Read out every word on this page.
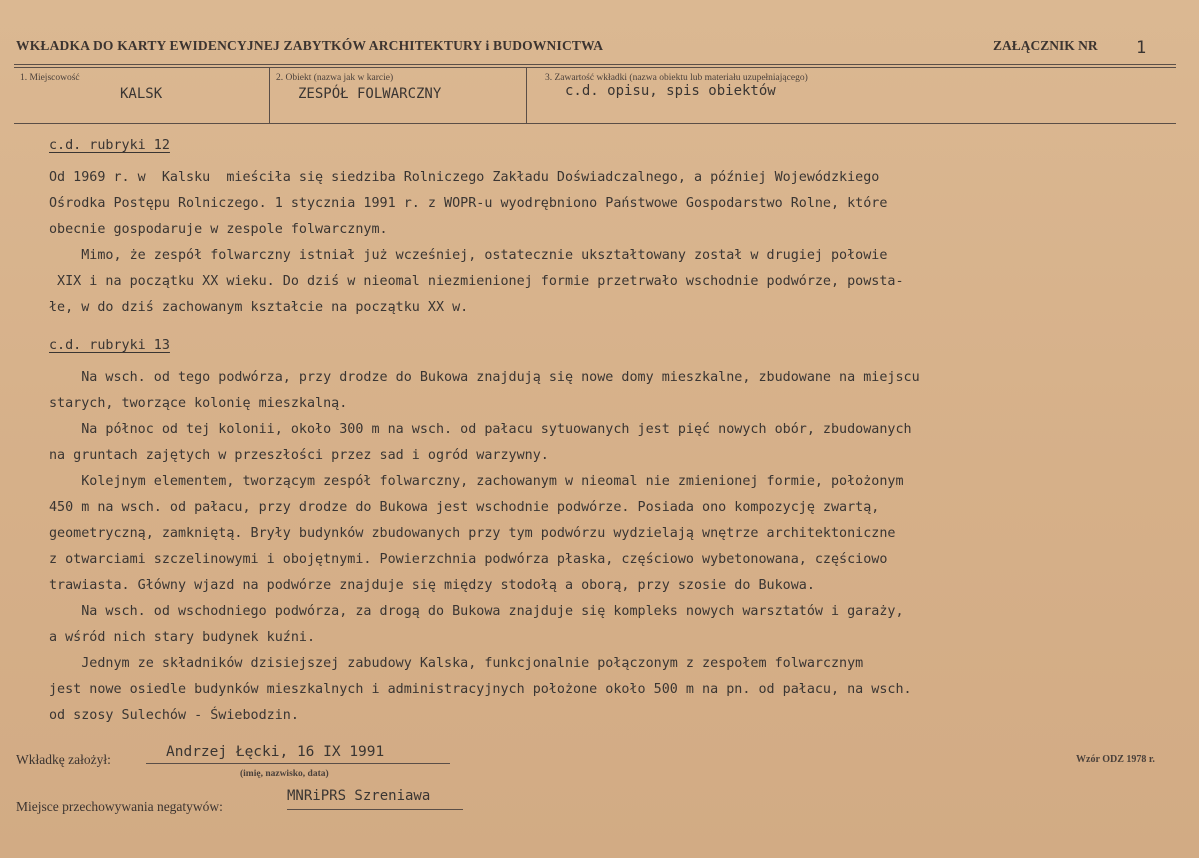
WKŁADKA DO KARTY EWIDENCYJNEJ ZABYTKÓW ARCHITEKTURY i BUDOWNICTWA	ZAŁĄCZNIK NR 1
1. Miejscowość
KALSK
2. Obiekt (nazwa jak w karcie)
ZESPÓŁ FOLWARCZNY
3. Zawartość wkładki (nazwa obiektu lub materiału uzupełniającego)
c.d. opisu, spis obiektów
c.d. rubryki 12
Od 1969 r. w  Kalsku  mieściła się siedziba Rolniczego Zakładu Doświadczalnego, a później Wojewódzkiego
Ośrodka Postępu Rolniczego. 1 stycznia 1991 r. z WOPR-u wyodrębniono Państwowe Gospodarstwo Rolne, które
obecnie gospodaruje w zespole folwarcznym.
Mimo, że zespół folwarczny istniał już wcześniej, ostatecznie ukształtowany został w drugiej połowie
XIX i na początku XX wieku. Do dziś w nieomal niezmienionej formie przetrwało wschodnie podwórze, powsta-
łe, w do dziś zachowanym kształcie na początku XX w.
c.d. rubryki 13
Na wsch. od tego podwórza, przy drodze do Bukowa znajdują się nowe domy mieszkalne, zbudowane na miejscu
starych, tworzące kolonię mieszkalną.
Na północ od tej kolonii, około 300 m na wsch. od pałacu sytuowanych jest pięć nowych obór, zbudowanych
na gruntach zajętych w przeszłości przez sad i ogród warzywny.
Kolejnym elementem, tworzącym zespół folwarczny, zachowanym w nieomal nie zmienionej formie, położonym
450 m na wsch. od pałacu, przy drodze do Bukowa jest wschodnie podwórze. Posiada ono kompozycję zwartą,
geometryczną, zamkniętą. Bryły budynków zbudowanych przy tym podwórzu wydzielają wnętrze architektoniczne
z otwarciami szczelinowymi i obojętnymi. Powierzchnia podwórza płaska, częściowo wybetonowana, częściowo
trawiasta. Główny wjazd na podwórze znajduje się między stodołą a oborą, przy szosie do Bukowa.
Na wsch. od wschodniego podwórza, za drogą do Bukowa znajduje się kompleks nowych warsztatów i garaży,
a wśród nich stary budynek kuźni.
Jednym ze składników dzisiejszej zabudowy Kalska, funkcjonalnie połączonym z zespołem folwarcznym
jest nowe osiedle budynków mieszkalnych i administracyjnych położone około 500 m na pn. od pałacu, na wsch.
od szosy Sulechów - Świebodzin.
Wkładkę założył:	Andrzej Łęcki, 16 IX 1991
(imię, nazwisko, data)
Wzór ODZ 1978 r.
Miejsce przechowywania negatywów:
MNRiPRS Szreniawa
